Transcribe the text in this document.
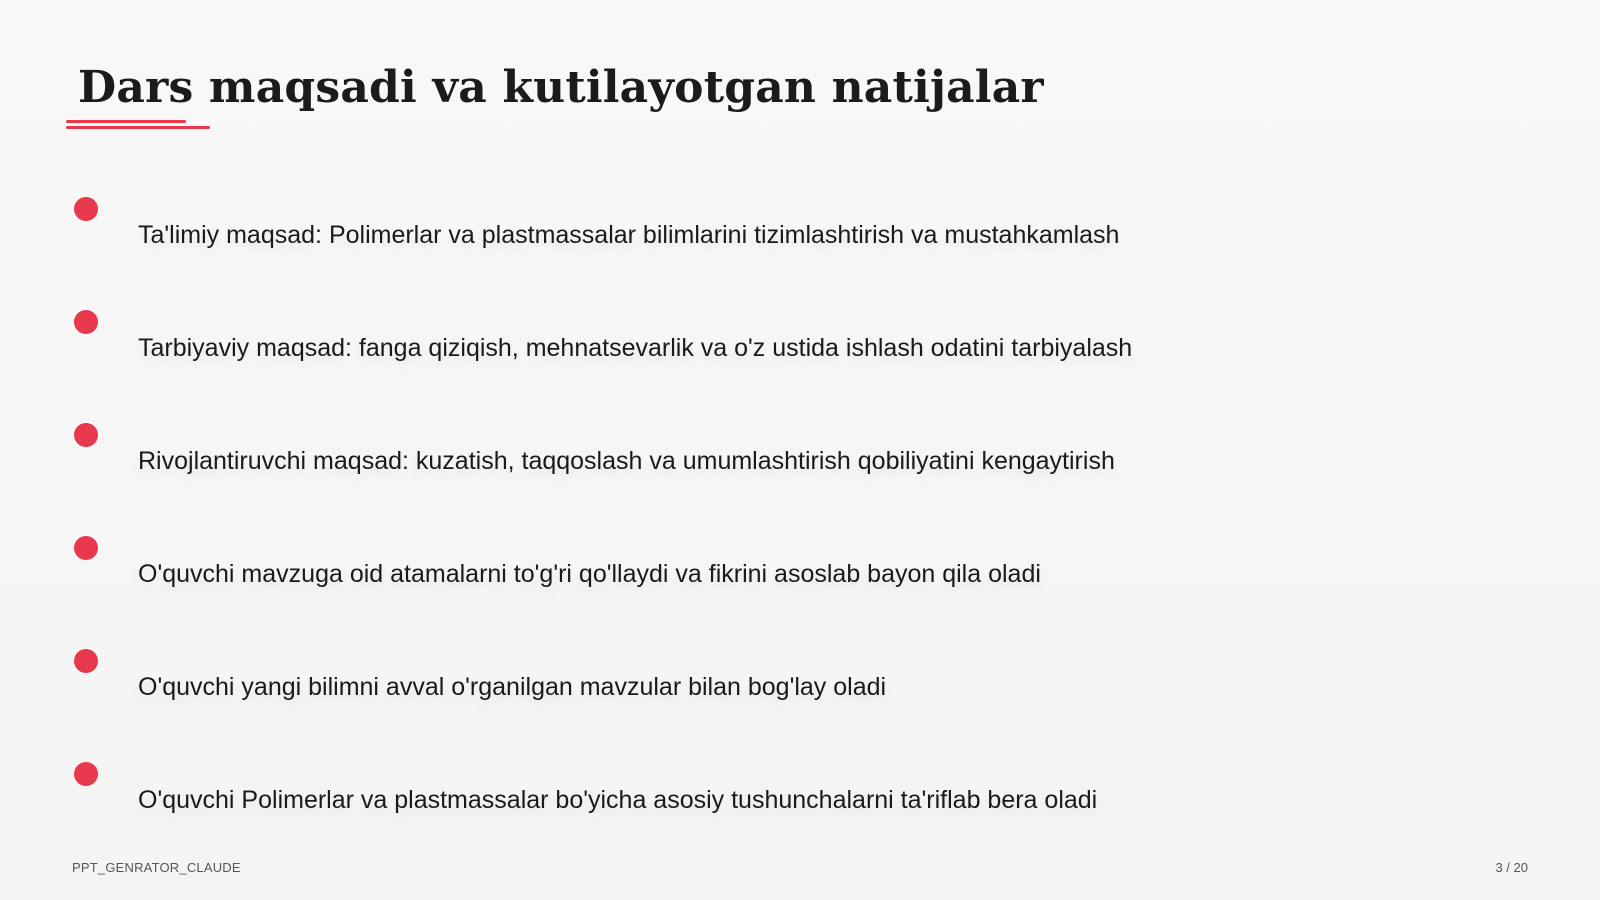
Dars maqsadi va kutilayotgan natijalar
Ta'limiy maqsad: Polimerlar va plastmassalar bilimlarini tizimlashtirish va mustahkamlash
Tarbiyaviy maqsad: fanga qiziqish, mehnatsevarlik va o'z ustida ishlash odatini tarbiyalash
Rivojlantiruvchi maqsad: kuzatish, taqqoslash va umumlashtirish qobiliyatini kengaytirish
O'quvchi mavzuga oid atamalarni to'g'ri qo'llaydi va fikrini asoslab bayon qila oladi
O'quvchi yangi bilimni avval o'rganilgan mavzular bilan bog'lay oladi
O'quvchi Polimerlar va plastmassalar bo'yicha asosiy tushunchalarni ta'riflab bera oladi
PPT_GENRATOR_CLAUDE	3 / 20
